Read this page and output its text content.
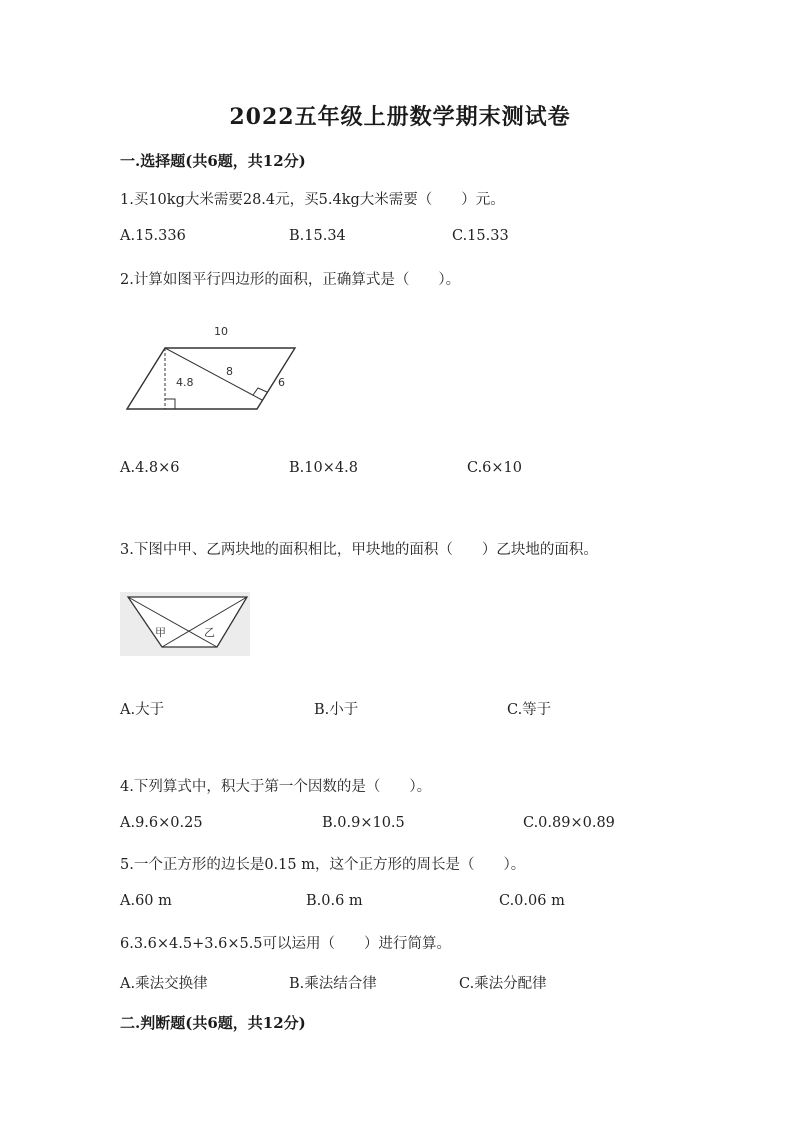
2022五年级上册数学期末测试卷
一.选择题(共6题，共12分)
1.买10kg大米需要28.4元，买5.4kg大米需要（　　）元。
A.15.336	B.15.34	C.15.33
2.计算如图平行四边形的面积，正确算式是（　　）。
10
4.8
8
6
A.4.8×6	B.10×4.8	C.6×10
3.下图中甲、乙两块地的面积相比，甲块地的面积（　　）乙块地的面积。
甲	乙
A.大于	B.小于	C.等于
4.下列算式中，积大于第一个因数的是（　　）。
A.9.6×0.25	B.0.9×10.5	C.0.89×0.89
5.一个正方形的边长是0.15 m，这个正方形的周长是（　　）。
A.60 m	B.0.6 m	C.0.06 m
6.3.6×4.5+3.6×5.5可以运用（　　）进行简算。
A.乘法交换律	B.乘法结合律	C.乘法分配律
二.判断题(共6题，共12分)
